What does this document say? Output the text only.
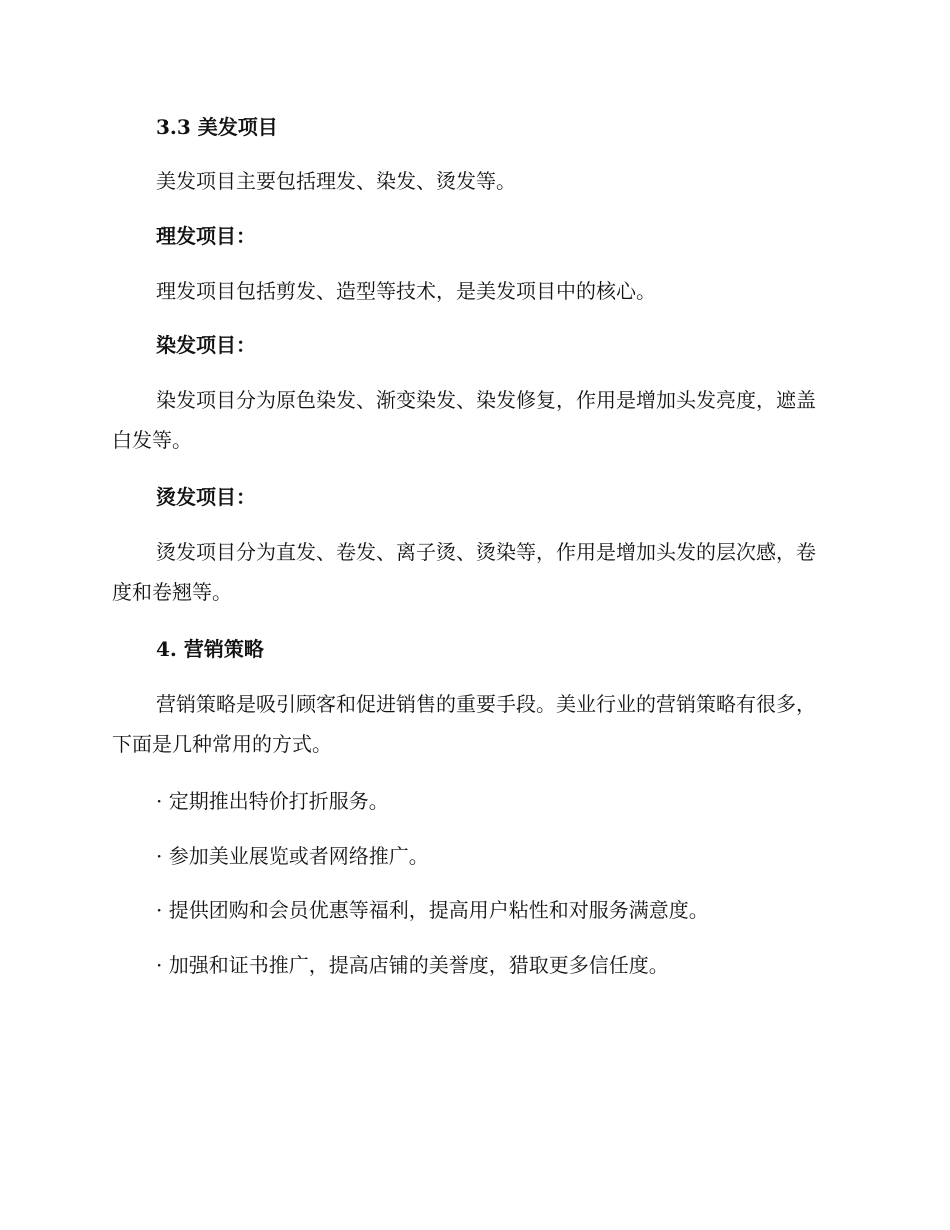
3.3 美发项目

美发项目主要包括理发、染发、烫发等。

理发项目：

理发项目包括剪发、造型等技术，是美发项目中的核心。

染发项目：

染发项目分为原色染发、渐变染发、染发修复，作用是增加头发亮度，遮盖白发等。

烫发项目：

烫发项目分为直发、卷发、离子烫、烫染等，作用是增加头发的层次感，卷度和卷翘等。

4. 营销策略

营销策略是吸引顾客和促进销售的重要手段。美业行业的营销策略有很多，下面是几种常用的方式。

· 定期推出特价打折服务。

· 参加美业展览或者网络推广。

· 提供团购和会员优惠等福利，提高用户粘性和对服务满意度。

· 加强和证书推广，提高店铺的美誉度，猎取更多信任度。
